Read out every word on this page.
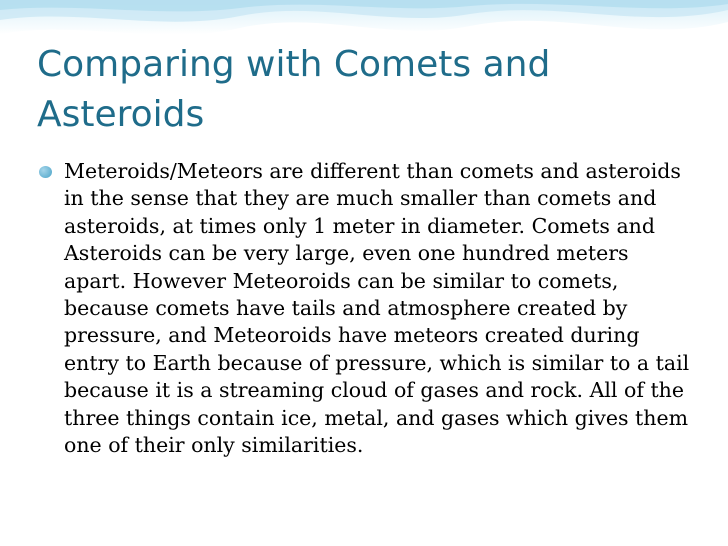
Comparing with Comets and Asteroids
Meteroids/Meteors are different than comets and asteroids in the sense that they are much smaller than comets and asteroids, at times only 1 meter in diameter. Comets and Asteroids can be very large, even one hundred meters apart. However Meteoroids can be similar to comets, because comets have tails and atmosphere created by pressure, and Meteoroids have meteors created during entry to Earth because of pressure, which is similar to a tail because it is a streaming cloud of gases and rock. All of the three things contain ice, metal, and gases which gives them one of their only similarities.
